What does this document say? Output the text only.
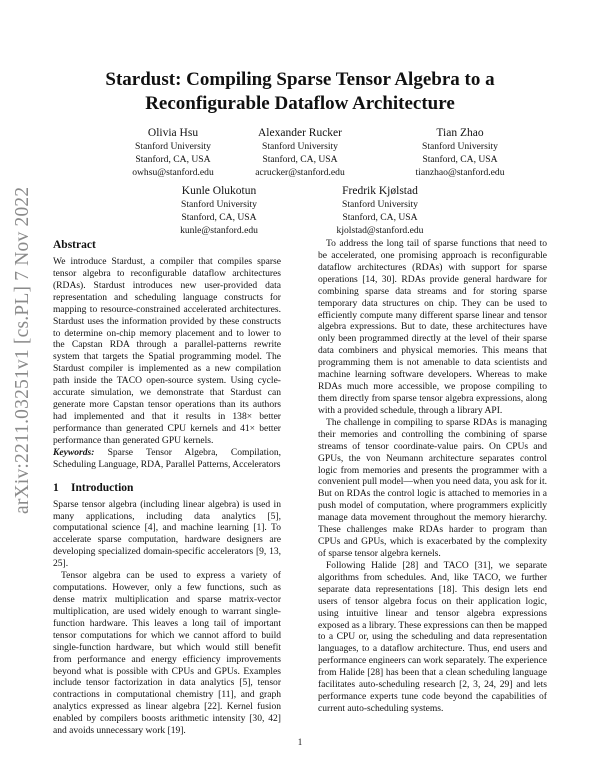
Stardust: Compiling Sparse Tensor Algebra to a Reconfigurable Dataflow Architecture
Olivia Hsu
Stanford University
Stanford, CA, USA
owhsu@stanford.edu
Alexander Rucker
Stanford University
Stanford, CA, USA
acrucker@stanford.edu
Tian Zhao
Stanford University
Stanford, CA, USA
tianzhao@stanford.edu
Kunle Olukotun
Stanford University
Stanford, CA, USA
kunle@stanford.edu
Fredrik Kjølstad
Stanford University
Stanford, CA, USA
kjolstad@stanford.edu
arXiv:2211.03251v1 [cs.PL] 7 Nov 2022 Abstract

We introduce Stardust, a compiler that compiles sparse tensor algebra to reconfigurable dataflow architectures (RDAs). Stardust introduces new user-provided data representation and scheduling language constructs for mapping to resource-constrained accelerated architectures. Stardust uses the information provided by these constructs to determine on-chip memory placement and to lower to the Capstan RDA through a parallel-patterns rewrite system that targets the Spatial programming model. The Stardust compiler is implemented as a new compilation path inside the TACO open-source system. Using cycle-accurate simulation, we demonstrate that Stardust can generate more Capstan tensor operations than its authors had implemented and that it results in 138× better performance than generated CPU kernels and 41× better performance than generated GPU kernels.

Keywords: Sparse Tensor Algebra, Compilation, Scheduling Language, RDA, Parallel Patterns, Accelerators

1 Introduction

Sparse tensor algebra (including linear algebra) is used in many applications, including data analytics [5], computational science [4], and machine learning [1]. To accelerate sparse computation, hardware designers are developing specialized domain-specific accelerators [9, 13, 25].

Tensor algebra can be used to express a variety of computations. However, only a few functions, such as dense matrix multiplication and sparse matrix-vector multiplication, are used widely enough to warrant single-function hardware. This leaves a long tail of important tensor computations for which we cannot afford to build single-function hardware, but which would still benefit from performance and energy efficiency improvements beyond what is possible with CPUs and GPUs. Examples include tensor factorization in data analytics [5], tensor contractions in computational chemistry [11], and graph analytics expressed as linear algebra [22]. Kernel fusion enabled by compilers boosts arithmetic intensity [30, 42] and avoids unnecessary work [19].

To address the long tail of sparse functions that need to be accelerated, one promising approach is reconfigurable dataflow architectures (RDAs) with support for sparse operations [14, 30]. RDAs provide general hardware for combining sparse data streams and for storing sparse temporary data structures on chip. They can be used to efficiently compute many different sparse linear and tensor algebra expressions. But to date, these architectures have only been programmed directly at the level of their sparse data combiners and physical memories. This means that programming them is not amenable to data scientists and machine learning software developers. Whereas to make RDAs much more accessible, we propose compiling to them directly from sparse tensor algebra expressions, along with a provided schedule, through a library API.

The challenge in compiling to sparse RDAs is managing their memories and controlling the combining of sparse streams of tensor coordinate-value pairs. On CPUs and GPUs, the von Neumann architecture separates control logic from memories and presents the programmer with a convenient pull model—when you need data, you ask for it. But on RDAs the control logic is attached to memories in a push model of computation, where programmers explicitly manage data movement throughout the memory hierarchy. These challenges make RDAs harder to program than CPUs and GPUs, which is exacerbated by the complexity of sparse tensor algebra kernels.

Following Halide [28] and TACO [31], we separate algorithms from schedules. And, like TACO, we further separate data representations [18]. This design lets end users of tensor algebra focus on their application logic, using intuitive linear and tensor algebra expressions exposed as a library. These expressions can then be mapped to a CPU or, using the scheduling and data representation languages, to a dataflow architecture. Thus, end users and performance engineers can work separately. The experience from Halide [28] has been that a clean scheduling language facilitates auto-scheduling research [2, 3, 24, 29] and lets performance experts tune code beyond the capabilities of current auto-scheduling systems.

1
